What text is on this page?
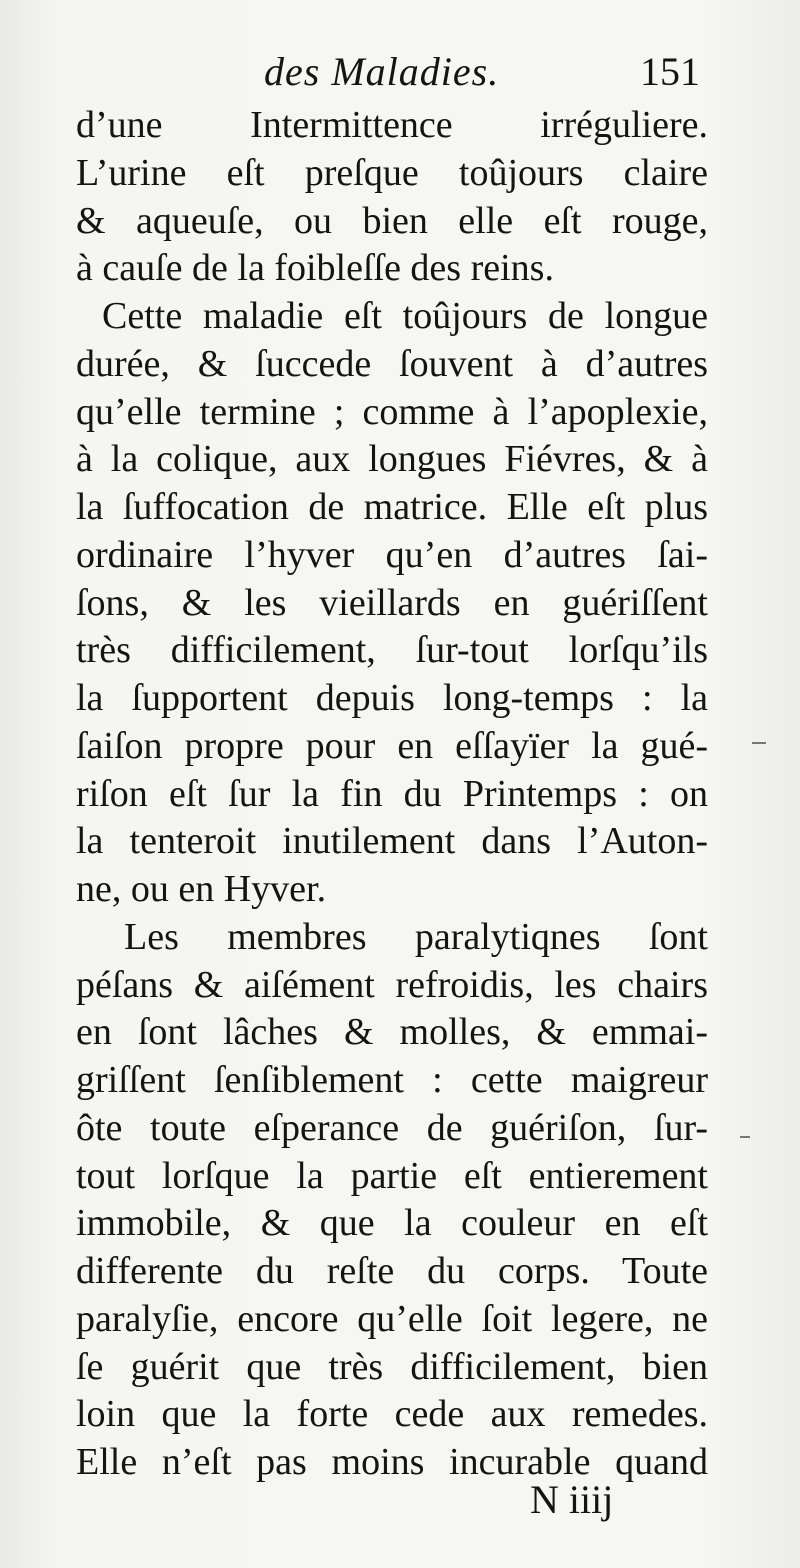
des Maladies.	151
d’une Intermittence irréguliere.
L’urine eſt preſque toûjours claire
& aqueuſe, ou bien elle eſt rouge,
à cauſe de la foibleſſe des reins.
Cette maladie eſt toûjours de longue
durée, & ſuccede ſouvent à d’autres
qu’elle termine ; comme à l’apoplexie,
à la colique, aux longues Fiévres, & à
la ſuffocation de matrice. Elle eſt plus
ordinaire l’hyver qu’en d’autres ſai-
ſons, & les vieillards en guériſſent
très difficilement, ſur-tout lorſqu’ils
la ſupportent depuis long-temps : la
ſaiſon propre pour en eſſayïer la gué-
riſon eſt ſur la fin du Printemps : on
la tenteroit inutilement dans l’Auton-
ne, ou en Hyver.
Les membres paralytiqnes ſont
péſans & aiſément refroidis, les chairs
en ſont lâches & molles, & emmai-
griſſent ſenſiblement : cette maigreur
ôte toute eſperance de guériſon, ſur-
tout lorſque la partie eſt entierement
immobile, & que la couleur en eſt
differente du reſte du corps. Toute
paralyſie, encore qu’elle ſoit legere, ne
ſe guérit que très difficilement, bien
loin que la forte cede aux remedes.
Elle n’eſt pas moins incurable quand
N iiij
